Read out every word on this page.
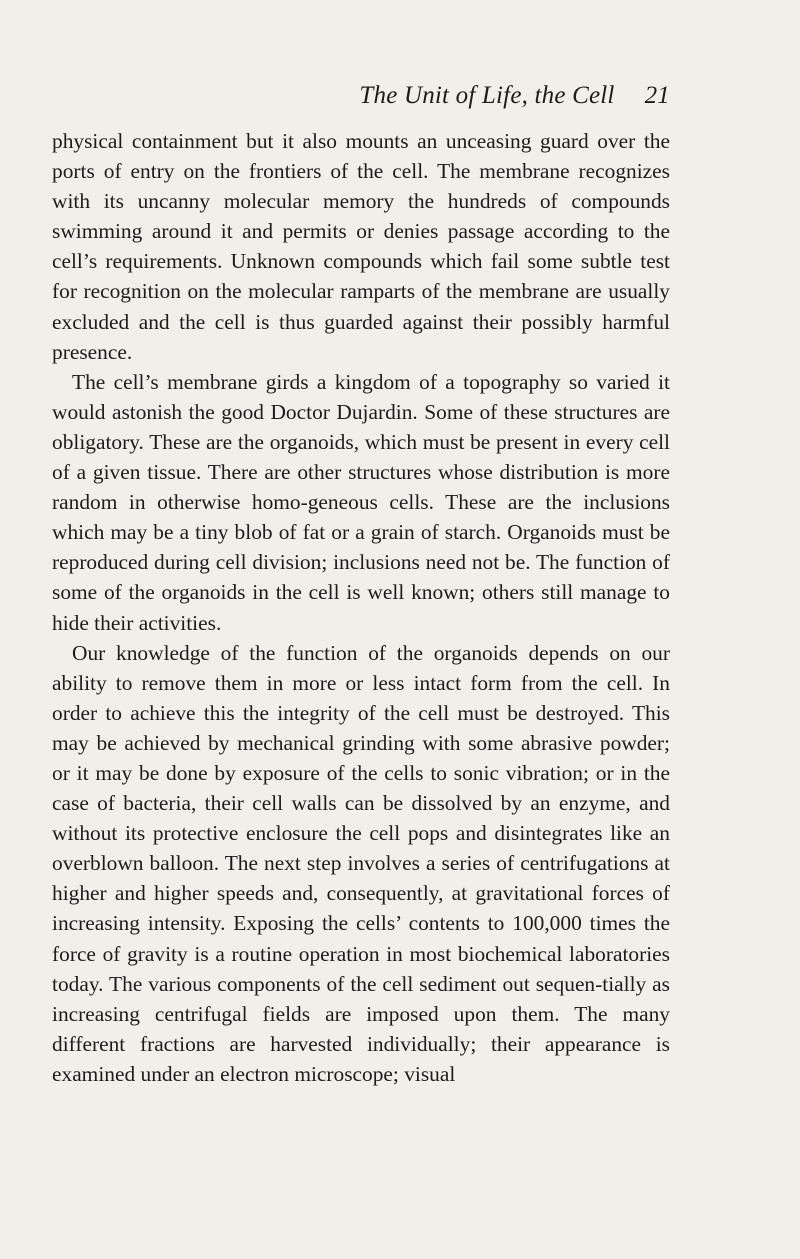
The Unit of Life, the Cell 21

physical containment but it also mounts an unceasing guard over the ports of entry on the frontiers of the cell. The membrane recognizes with its uncanny molecular memory the hundreds of compounds swimming around it and permits or denies passage according to the cell’s requirements. Unknown compounds which fail some subtle test for recognition on the molecular ramparts of the membrane are usually excluded and the cell is thus guarded against their possibly harmful presence.

The cell’s membrane girds a kingdom of a topography so varied it would astonish the good Doctor Dujardin. Some of these structures are obligatory. These are the organoids, which must be present in every cell of a given tissue. There are other structures whose distribution is more random in otherwise homo-geneous cells. These are the inclusions which may be a tiny blob of fat or a grain of starch. Organoids must be reproduced during cell division; inclusions need not be. The function of some of the organoids in the cell is well known; others still manage to hide their activities.

Our knowledge of the function of the organoids depends on our ability to remove them in more or less intact form from the cell. In order to achieve this the integrity of the cell must be destroyed. This may be achieved by mechanical grinding with some abrasive powder; or it may be done by exposure of the cells to sonic vibration; or in the case of bacteria, their cell walls can be dissolved by an enzyme, and without its protective enclosure the cell pops and disintegrates like an overblown balloon. The next step involves a series of centrifugations at higher and higher speeds and, consequently, at gravitational forces of increasing intensity. Exposing the cells’ contents to 100,000 times the force of gravity is a routine operation in most biochemical laboratories today. The various components of the cell sediment out sequen-tially as increasing centrifugal fields are imposed upon them. The many different fractions are harvested individually; their appearance is examined under an electron microscope; visual
